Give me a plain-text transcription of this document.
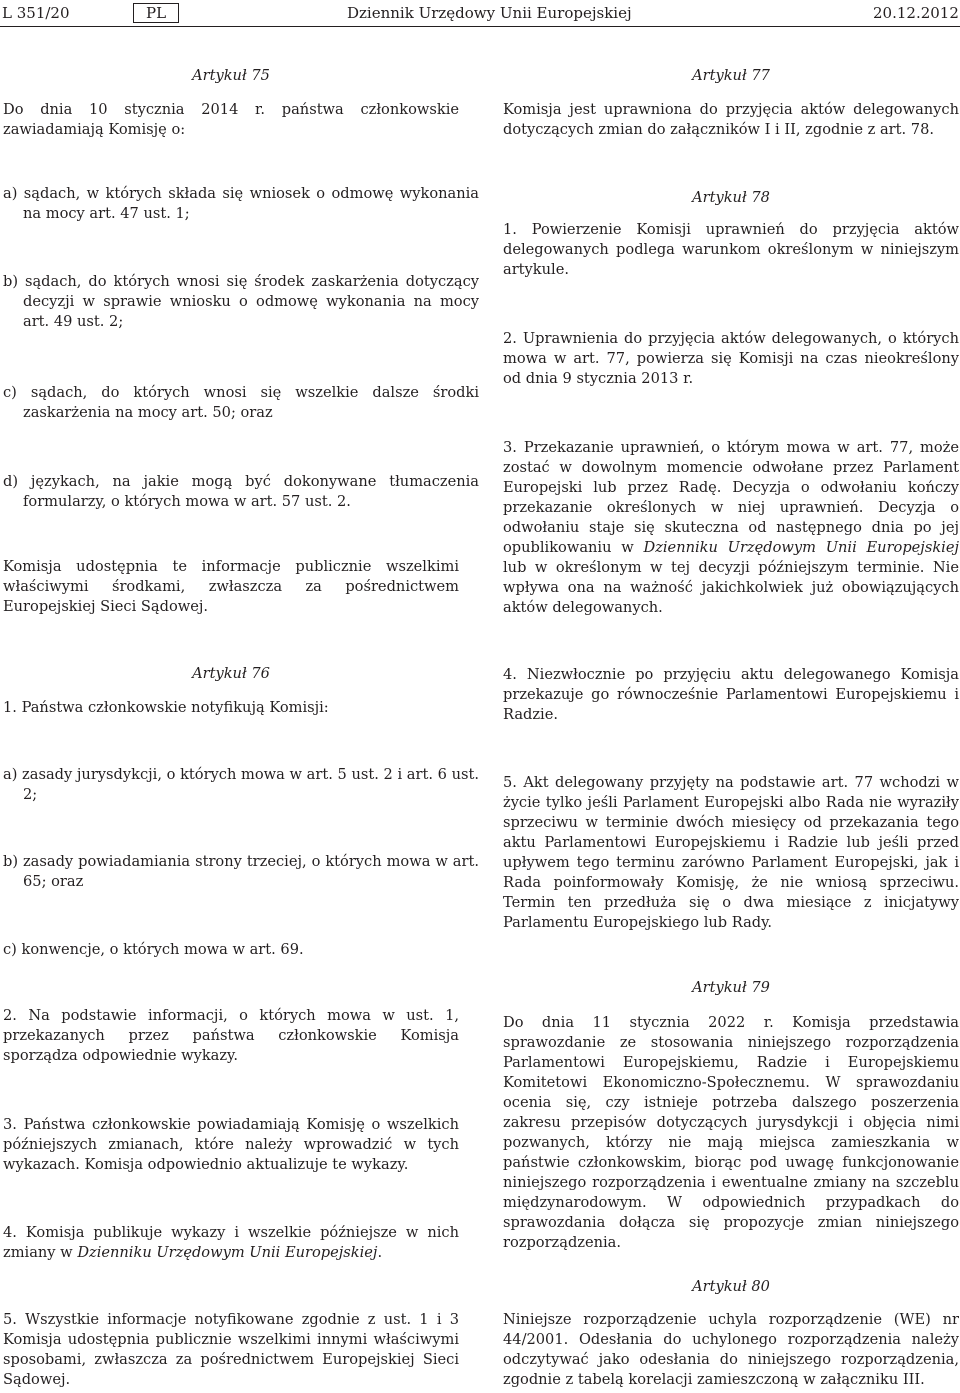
L 351/20	PL	Dziennik Urzędowy Unii Europejskiej	20.12.2012

Artykuł 75

Do dnia 10 stycznia 2014 r. państwa członkowskie zawiadamiają Komisję o:

a) sądach, w których składa się wniosek o odmowę wykonania na mocy art. 47 ust. 1;

b) sądach, do których wnosi się środek zaskarżenia dotyczący decyzji w sprawie wniosku o odmowę wykonania na mocy art. 49 ust. 2;

c) sądach, do których wnosi się wszelkie dalsze środki zaskarżenia na mocy art. 50; oraz

d) językach, na jakie mogą być dokonywane tłumaczenia formularzy, o których mowa w art. 57 ust. 2.

Komisja udostępnia te informacje publicznie wszelkimi właściwymi środkami, zwłaszcza za pośrednictwem Europejskiej Sieci Sądowej.

Artykuł 76

1. Państwa członkowskie notyfikują Komisji:

a) zasady jurysdykcji, o których mowa w art. 5 ust. 2 i art. 6 ust. 2;

b) zasady powiadamiania strony trzeciej, o których mowa w art. 65; oraz

c) konwencje, o których mowa w art. 69.

2. Na podstawie informacji, o których mowa w ust. 1, przekazanych przez państwa członkowskie Komisja sporządza odpowiednie wykazy.

3. Państwa członkowskie powiadamiają Komisję o wszelkich późniejszych zmianach, które należy wprowadzić w tych wykazach. Komisja odpowiednio aktualizuje te wykazy.

4. Komisja publikuje wykazy i wszelkie późniejsze w nich zmiany w Dzienniku Urzędowym Unii Europejskiej.

5. Wszystkie informacje notyfikowane zgodnie z ust. 1 i 3 Komisja udostępnia publicznie wszelkimi innymi właściwymi sposobami, zwłaszcza za pośrednictwem Europejskiej Sieci Sądowej.

Artykuł 77

Komisja jest uprawniona do przyjęcia aktów delegowanych dotyczących zmian do załączników I i II, zgodnie z art. 78.

Artykuł 78

1. Powierzenie Komisji uprawnień do przyjęcia aktów delegowanych podlega warunkom określonym w niniejszym artykule.

2. Uprawnienia do przyjęcia aktów delegowanych, o których mowa w art. 77, powierza się Komisji na czas nieokreślony od dnia 9 stycznia 2013 r.

3. Przekazanie uprawnień, o którym mowa w art. 77, może zostać w dowolnym momencie odwołane przez Parlament Europejski lub przez Radę. Decyzja o odwołaniu kończy przekazanie określonych w niej uprawnień. Decyzja o odwołaniu staje się skuteczna od następnego dnia po jej opublikowaniu w Dzienniku Urzędowym Unii Europejskiej lub w określonym w tej decyzji późniejszym terminie. Nie wpływa ona na ważność jakichkolwiek już obowiązujących aktów delegowanych.

4. Niezwłocznie po przyjęciu aktu delegowanego Komisja przekazuje go równocześnie Parlamentowi Europejskiemu i Radzie.

5. Akt delegowany przyjęty na podstawie art. 77 wchodzi w życie tylko jeśli Parlament Europejski albo Rada nie wyraziły sprzeciwu w terminie dwóch miesięcy od przekazania tego aktu Parlamentowi Europejskiemu i Radzie lub jeśli przed upływem tego terminu zarówno Parlament Europejski, jak i Rada poinformowały Komisję, że nie wniosą sprzeciwu. Termin ten przedłuża się o dwa miesiące z inicjatywy Parlamentu Europejskiego lub Rady.

Artykuł 79

Do dnia 11 stycznia 2022 r. Komisja przedstawia sprawozdanie ze stosowania niniejszego rozporządzenia Parlamentowi Europejskiemu, Radzie i Europejskiemu Komitetowi Ekonomiczno-Społecznemu. W sprawozdaniu ocenia się, czy istnieje potrzeba dalszego poszerzenia zakresu przepisów dotyczących jurysdykcji i objęcia nimi pozwanych, którzy nie mają miejsca zamieszkania w państwie członkowskim, biorąc pod uwagę funkcjonowanie niniejszego rozporządzenia i ewentualne zmiany na szczeblu międzynarodowym. W odpowiednich przypadkach do sprawozdania dołącza się propozycje zmian niniejszego rozporządzenia.

Artykuł 80

Niniejsze rozporządzenie uchyla rozporządzenie (WE) nr 44/2001. Odesłania do uchylonego rozporządzenia należy odczytywać jako odesłania do niniejszego rozporządzenia, zgodnie z tabelą korelacji zamieszczoną w załączniku III.
